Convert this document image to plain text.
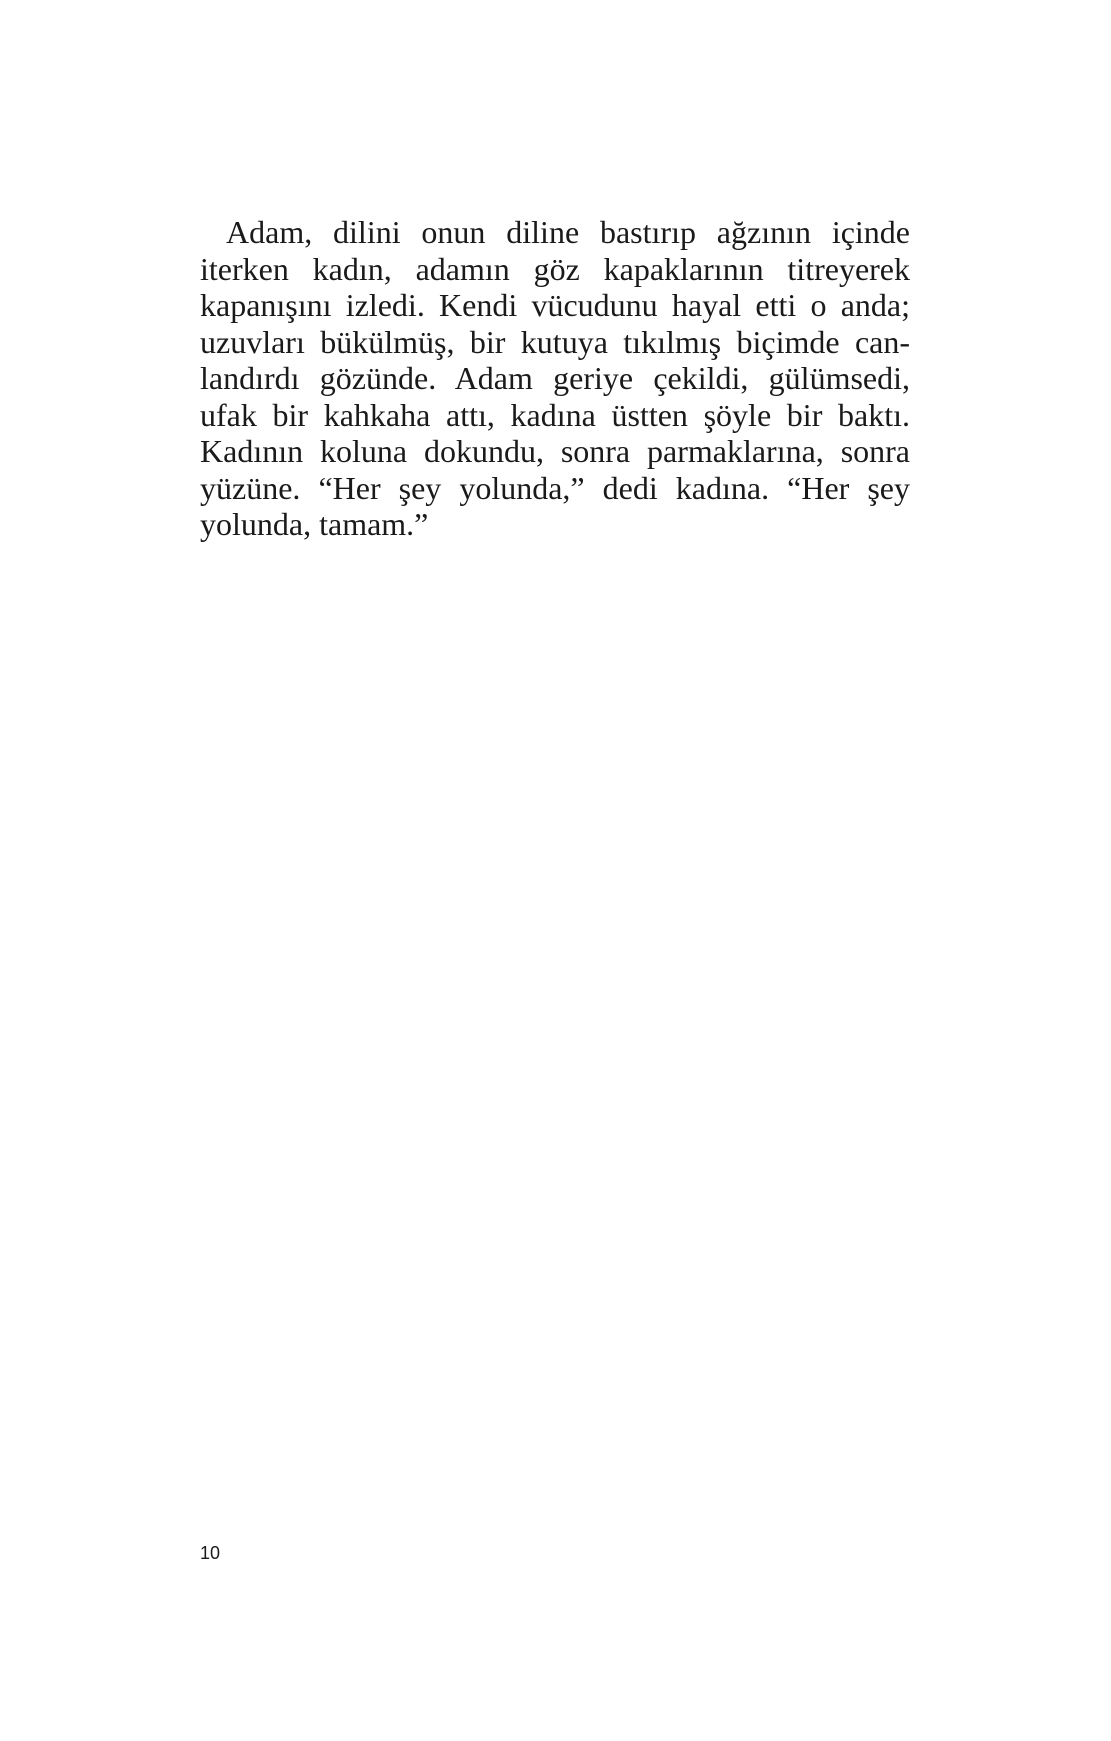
Adam, dilini onun diline bastırıp ağzının içinde
iterken kadın, adamın göz kapaklarının titreyerek
kapanışını izledi. Kendi vücudunu hayal etti o anda;
uzuvları bükülmüş, bir kutuya tıkılmış biçimde can-
landırdı gözünde. Adam geriye çekildi, gülümsedi,
ufak bir kahkaha attı, kadına üstten şöyle bir baktı.
Kadının koluna dokundu, sonra parmaklarına, sonra
yüzüne. “Her şey yolunda,” dedi kadına. “Her şey
yolunda, tamam.”
10
